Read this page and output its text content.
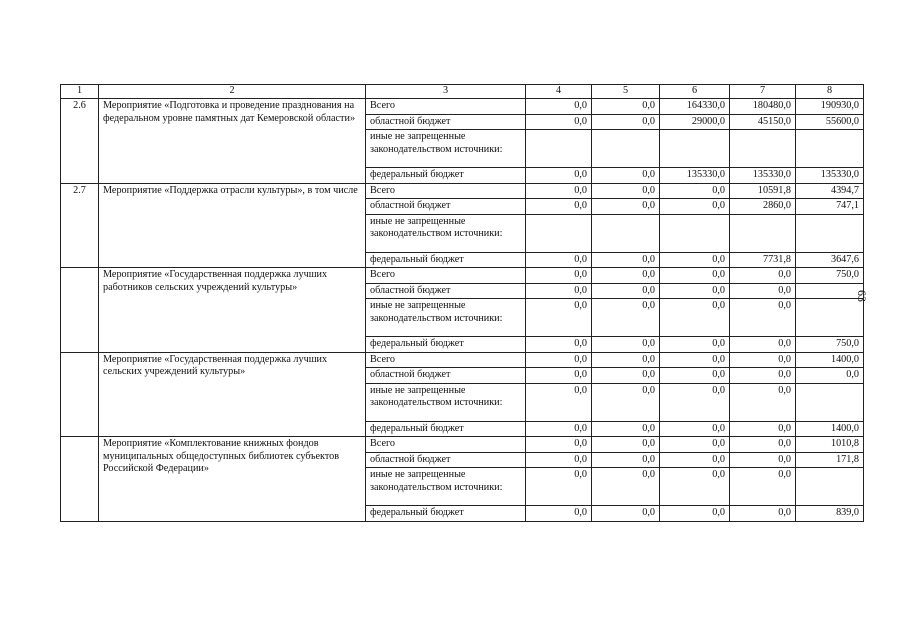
1	2	3	4	5	6	7	8
2.6	Мероприятие «Подготовка и проведение празднования на федеральном уровне памятных дат Кемеровской области»	Всего	0,0	0,0	164330,0	180480,0	190930,0
		областной бюджет	0,0	0,0	29000,0	45150,0	55600,0
		иные не запрещенные законодательством источники:					
		федеральный бюджет	0,0	0,0	135330,0	135330,0	135330,0
2.7	Мероприятие «Поддержка отрасли культуры», в том числе	Всего	0,0	0,0	0,0	10591,8	4394,7
		областной бюджет	0,0	0,0	0,0	2860,0	747,1
		иные не запрещенные законодательством источники:					
		федеральный бюджет	0,0	0,0	0,0	7731,8	3647,6
	Мероприятие «Государственная поддержка лучших работников сельских учреждений культуры»	Всего	0,0	0,0	0,0	0,0	750,0
		областной бюджет	0,0	0,0	0,0	0,0	
		иные не запрещенные законодательством источники:	0,0	0,0	0,0	0,0	
		федеральный бюджет	0,0	0,0	0,0	0,0	750,0
	Мероприятие «Государственная поддержка лучших сельских учреждений культуры»	Всего	0,0	0,0	0,0	0,0	1400,0
		областной бюджет	0,0	0,0	0,0	0,0	0,0
		иные не запрещенные законодательством источники:	0,0	0,0	0,0	0,0	
		федеральный бюджет	0,0	0,0	0,0	0,0	1400,0
	Мероприятие «Комплектование книжных фондов муниципальных общедоступных библиотек субъектов Российской Федерации»	Всего	0,0	0,0	0,0	0,0	1010,8
		областной бюджет	0,0	0,0	0,0	0,0	171,8
		иные не запрещенные законодательством источники:	0,0	0,0	0,0	0,0	
		федеральный бюджет	0,0	0,0	0,0	0,0	839,0
63
